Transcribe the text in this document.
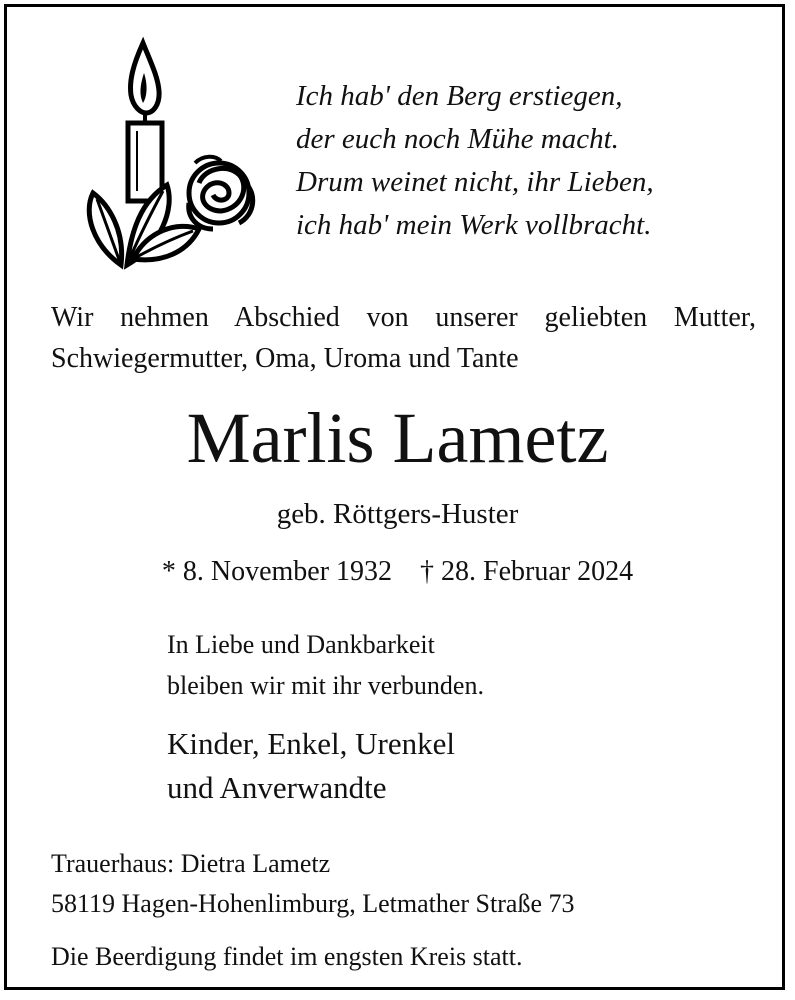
Ich hab' den Berg erstiegen,
der euch noch Mühe macht.
Drum weinet nicht, ihr Lieben,
ich hab' mein Werk vollbracht.
Wir nehmen Abschied von unserer geliebten Mutter,
Schwiegermutter, Oma, Uroma und Tante
Marlis Lametz
geb. Röttgers-Huster
* 8. November 1932 † 28. Februar 2024
In Liebe und Dankbarkeit
bleiben wir mit ihr verbunden.
Kinder, Enkel, Urenkel
und Anverwandte
Trauerhaus: Dietra Lametz
58119 Hagen-Hohenlimburg, Letmather Straße 73
Die Beerdigung findet im engsten Kreis statt.
